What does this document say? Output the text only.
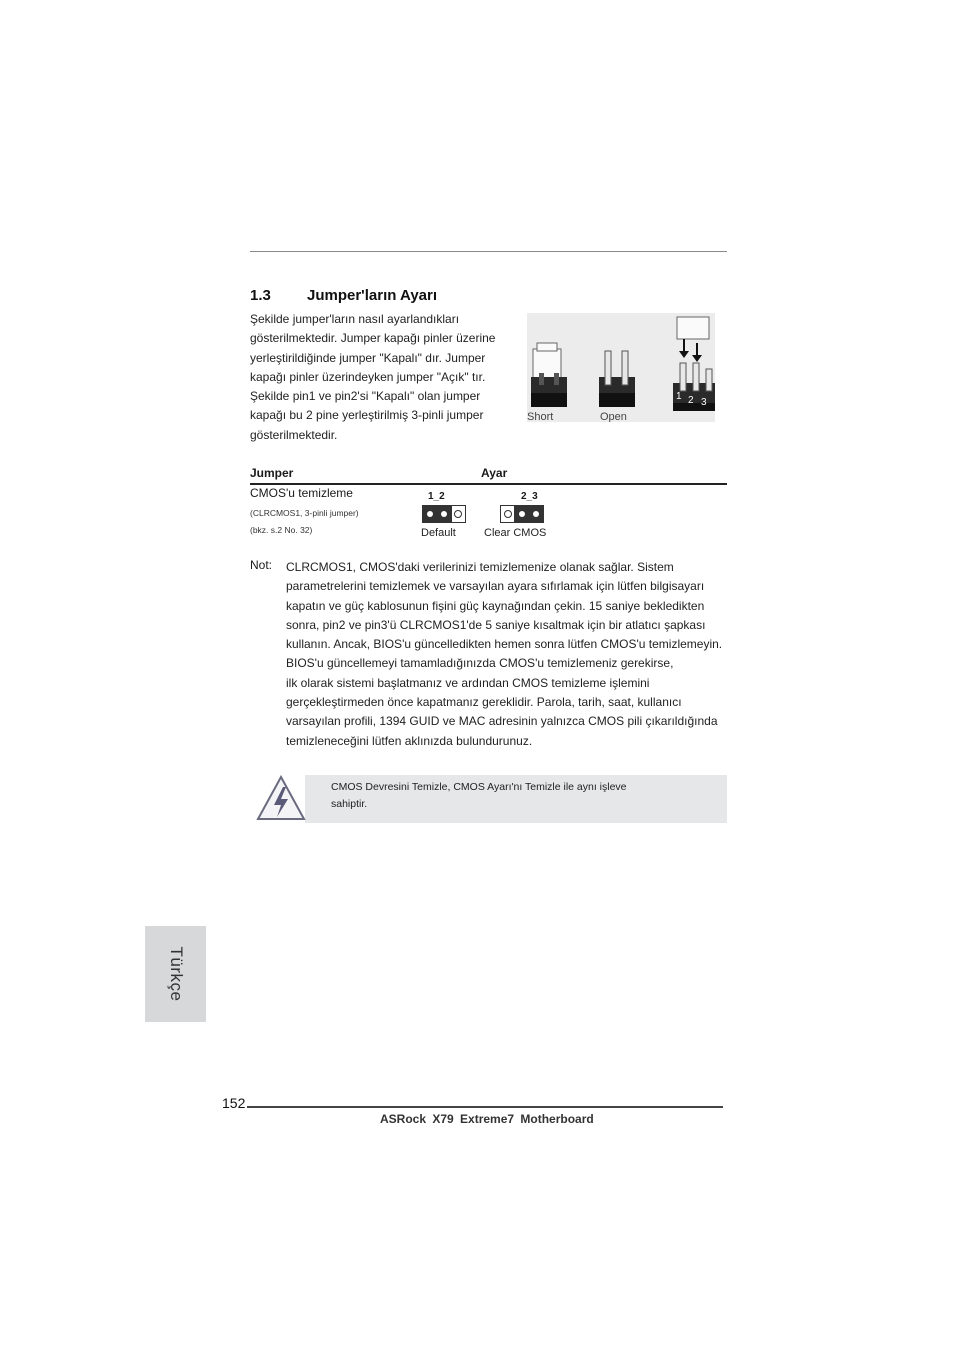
1.3 Jumper'ların Ayarı

Şekilde jumper'ların nasıl ayarlandıkları

gösterilmektedir. Jumper kapağı pinler üzerine

yerleştirildiğinde jumper "Kapalı" dır. Jumper

kapağı pinler üzerindeyken jumper "Açık" tır.

Şekilde pin1 ve pin2'si "Kapalı" olan jumper

kapağı bu 2 pine yerleştirilmiş 3-pinli jumper

gösterilmektedir.

Short	Open
1 2 3
Jumper	Ayar
CMOS'u temizleme
(CLRCMOS1, 3-pinli jumper)
(bkz. s.2 No. 32)
1_2
Default
2_3
Clear CMOS
Not: CLRCMOS1, CMOS'daki verilerinizi temizlemenize olanak sağlar. Sistem

parametrelerini temizlemek ve varsayılan ayara sıfırlamak için lütfen bilgisayarı

kapatın ve güç kablosunun fişini güç kaynağından çekin. 15 saniye bekledikten

sonra, pin2 ve pin3'ü CLRCMOS1'de 5 saniye kısaltmak için bir atlatıcı şapkası

kullanın. Ancak, BIOS'u güncelledikten hemen sonra lütfen CMOS'u temizlemeyin.

BIOS'u güncellemeyi tamamladığınızda CMOS'u temizlemeniz gerekirse,

ilk olarak sistemi başlatmanız ve ardından CMOS temizleme işlemini

gerçekleştirmeden önce kapatmanız gereklidir. Parola, tarih, saat, kullanıcı

varsayılan profili, 1394 GUID ve MAC adresinin yalnızca CMOS pili çıkarıldığında

temizleneceğini lütfen aklınızda bulundurunuz.

CMOS Devresini Temizle, CMOS Ayarı'nı Temizle ile aynı işleve
sahiptir.
Türkçe
152
ASRock X79 Extreme7 Motherboard
